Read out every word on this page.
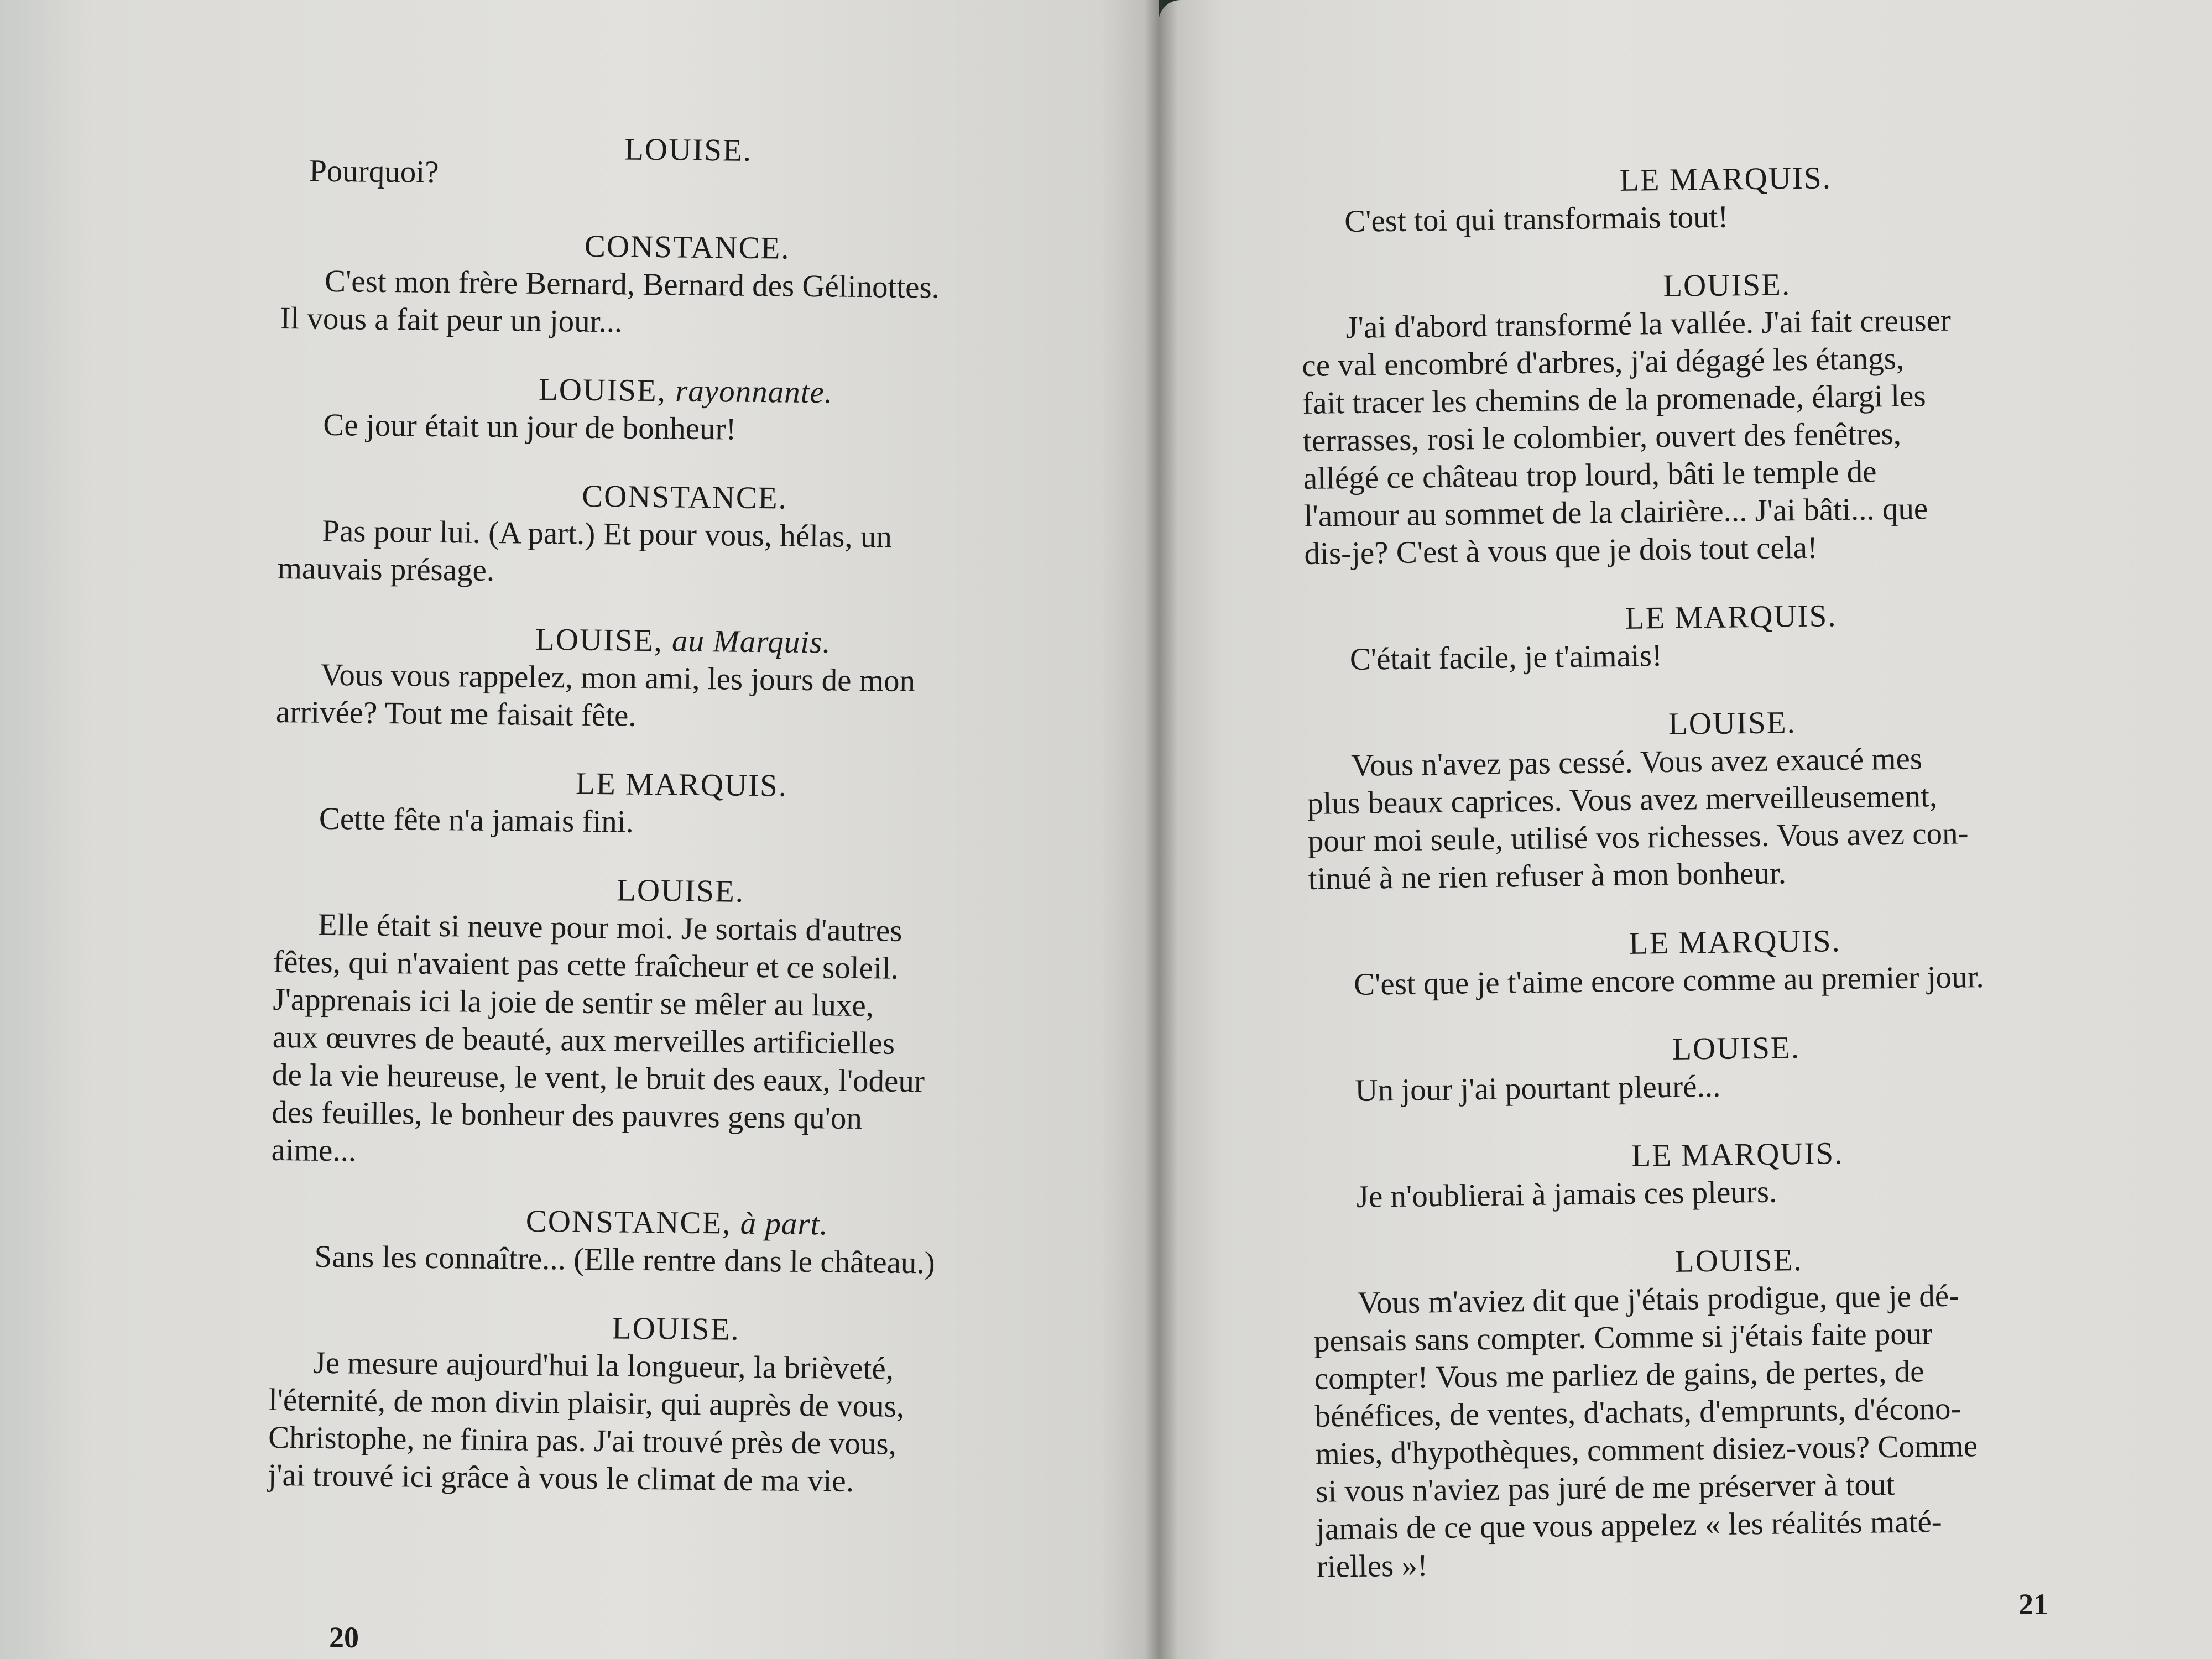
LOUISE.

Pourquoi?

CONSTANCE.

C'est mon frère Bernard, Bernard des Gélinottes.

Il vous a fait peur un jour...

LOUISE, rayonnante.

Ce jour était un jour de bonheur!

CONSTANCE.

Pas pour lui. (A part.) Et pour vous, hélas, un

mauvais présage.

LOUISE, au Marquis.

Vous vous rappelez, mon ami, les jours de mon

arrivée? Tout me faisait fête.

LE MARQUIS.

Cette fête n'a jamais fini.

LOUISE.

Elle était si neuve pour moi. Je sortais d'autres

fêtes, qui n'avaient pas cette fraîcheur et ce soleil.

J'apprenais ici la joie de sentir se mêler au luxe,

aux œuvres de beauté, aux merveilles artificielles

de la vie heureuse, le vent, le bruit des eaux, l'odeur

des feuilles, le bonheur des pauvres gens qu'on

aime...

CONSTANCE, à part.

Sans les connaître... (Elle rentre dans le château.)

LOUISE.

Je mesure aujourd'hui la longueur, la brièveté,

l'éternité, de mon divin plaisir, qui auprès de vous,

Christophe, ne finira pas. J'ai trouvé près de vous,

j'ai trouvé ici grâce à vous le climat de ma vie.

20

LE MARQUIS.

C'est toi qui transformais tout!

LOUISE.

J'ai d'abord transformé la vallée. J'ai fait creuser

ce val encombré d'arbres, j'ai dégagé les étangs,

fait tracer les chemins de la promenade, élargi les

terrasses, rosi le colombier, ouvert des fenêtres,

allégé ce château trop lourd, bâti le temple de

l'amour au sommet de la clairière... J'ai bâti... que

dis-je? C'est à vous que je dois tout cela!

LE MARQUIS.

C'était facile, je t'aimais!

LOUISE.

Vous n'avez pas cessé. Vous avez exaucé mes

plus beaux caprices. Vous avez merveilleusement,

pour moi seule, utilisé vos richesses. Vous avez con-

tinué à ne rien refuser à mon bonheur.

LE MARQUIS.

C'est que je t'aime encore comme au premier jour.

LOUISE.

Un jour j'ai pourtant pleuré...

LE MARQUIS.

Je n'oublierai à jamais ces pleurs.

LOUISE.

Vous m'aviez dit que j'étais prodigue, que je dé-

pensais sans compter. Comme si j'étais faite pour

compter! Vous me parliez de gains, de pertes, de

bénéfices, de ventes, d'achats, d'emprunts, d'écono-

mies, d'hypothèques, comment disiez-vous? Comme

si vous n'aviez pas juré de me préserver à tout

jamais de ce que vous appelez « les réalités maté-

rielles »!

21
